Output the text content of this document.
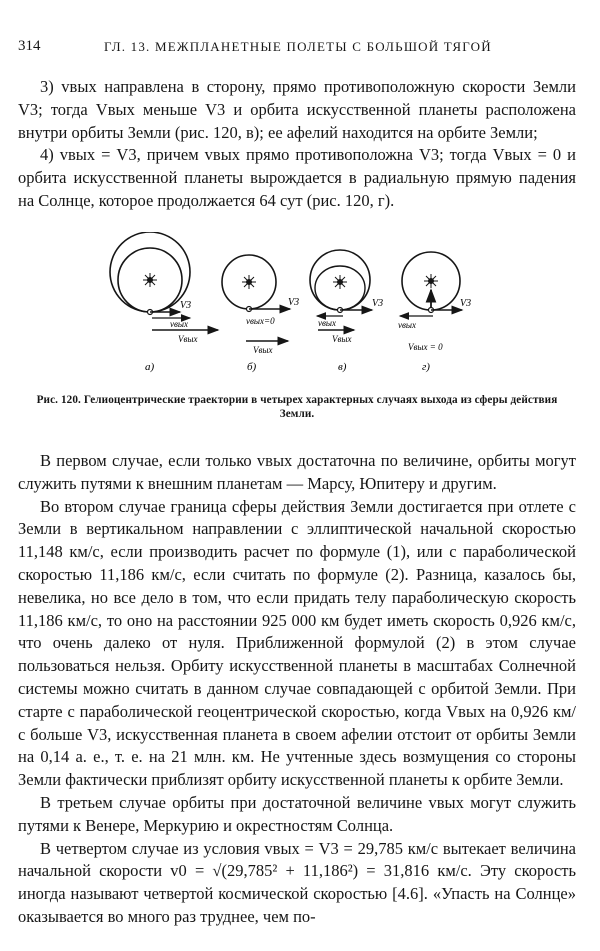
314	ГЛ. 13. МЕЖПЛАНЕТНЫЕ ПОЛЕТЫ С БОЛЬШОЙ ТЯГОЙ

3) vвых направлена в сторону, прямо противоположную скорости Земли V3; тогда Vвых меньше V3 и орбита искусственной планеты расположена внутри орбиты Земли (рис. 120, в); ее афелий находится на орбите Земли;

4) vвых = V3, причем vвых прямо противоположна V3; тогда Vвых = 0 и орбита искусственной планеты вырождается в радиальную прямую падения на Солнце, которое продолжается 64 сут (рис. 120, г).

V3
vвых
Vвых
а)
V3
vвых=0
Vвых
б)
V3
vвых
Vвых
в)
V3
vвых
Vвых = 0
г)
Рис. 120. Гелиоцентрические траектории в четырех характерных случаях выхода из сферы действия Земли.

В первом случае, если только vвых достаточна по величине, орбиты могут служить путями к внешним планетам — Марсу, Юпитеру и другим.

Во втором случае граница сферы действия Земли достигается при отлете с Земли в вертикальном направлении с эллиптической начальной скоростью 11,148 км/с, если производить расчет по формуле (1), или с параболической скоростью 11,186 км/с, если считать по формуле (2). Разница, казалось бы, невелика, но все дело в том, что если придать телу параболическую скорость 11,186 км/с, то оно на расстоянии 925 000 км будет иметь скорость 0,926 км/с, что очень далеко от нуля. Приближенной формулой (2) в этом случае пользоваться нельзя. Орбиту искусственной планеты в масштабах Солнечной системы можно считать в данном случае совпадающей с орбитой Земли. При старте с параболической геоцентрической скоростью, когда Vвых на 0,926 км/с больше V3, искусственная планета в своем афелии отстоит от орбиты Земли на 0,14 а. е., т. е. на 21 млн. км. Не учтенные здесь возмущения со стороны Земли фактически приблизят орбиту искусственной планеты к орбите Земли.

В третьем случае орбиты при достаточной величине vвых могут служить путями к Венере, Меркурию и окрестностям Солнца.

В четвертом случае из условия vвых = V3 = 29,785 км/с вытекает величина начальной скорости v0 = √(29,785² + 11,186²) = 31,816 км/с. Эту скорость иногда называют четвертой космической скоростью [4.6]. «Упасть на Солнце» оказывается во много раз труднее, чем по-
